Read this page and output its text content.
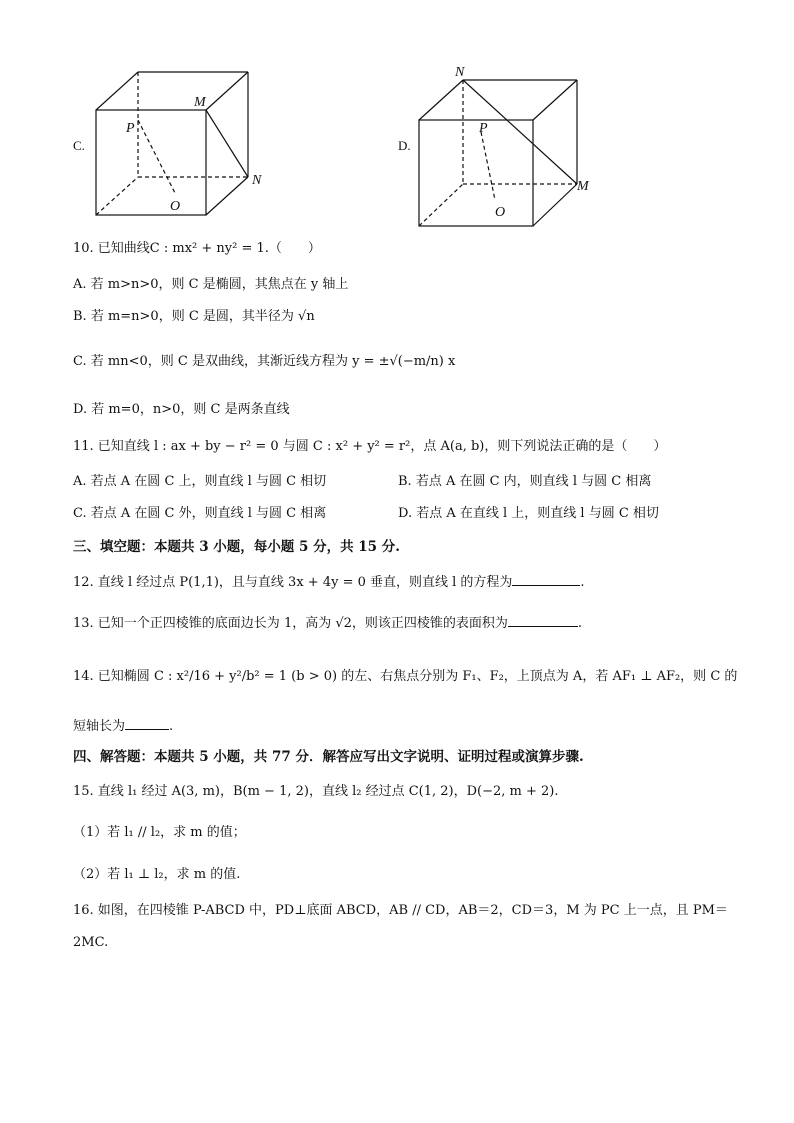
C.
M
P
N
O
D.
N
P
M
O
10. 已知曲线C : mx² + ny² = 1.（　　）
A. 若 m>n>0，则 C 是椭圆，其焦点在 y 轴上
B. 若 m=n>0，则 C 是圆，其半径为 √n
C. 若 mn<0，则 C 是双曲线，其渐近线方程为 y = ±√(−m/n) x
D. 若 m=0，n>0，则 C 是两条直线
11. 已知直线 l : ax + by − r² = 0 与圆 C : x² + y² = r²，点 A(a, b)，则下列说法正确的是（　　）
A. 若点 A 在圆 C 上，则直线 l 与圆 C 相切	B. 若点 A 在圆 C 内，则直线 l 与圆 C 相离
C. 若点 A 在圆 C 外，则直线 l 与圆 C 相离	D. 若点 A 在直线 l 上，则直线 l 与圆 C 相切
三、填空题：本题共 3 小题，每小题 5 分，共 15 分.
12. 直线 l 经过点 P(1,1)，且与直线 3x + 4y = 0 垂直，则直线 l 的方程为	.
13. 已知一个正四棱锥的底面边长为 1，高为 √2，则该正四棱锥的表面积为	.
14. 已知椭圆 C : x²/16 + y²/b² = 1 (b > 0) 的左、右焦点分别为 F₁、F₂，上顶点为 A，若 AF₁ ⊥ AF₂，则 C 的
短轴长为	.
四、解答题：本题共 5 小题，共 77 分．解答应写出文字说明、证明过程或演算步骤.
15. 直线 l₁ 经过 A(3, m)，B(m − 1, 2)，直线 l₂ 经过点 C(1, 2)，D(−2, m + 2).
（1）若 l₁ // l₂，求 m 的值；
（2）若 l₁ ⊥ l₂，求 m 的值.
16. 如图，在四棱锥 P-ABCD 中，PD⊥底面 ABCD，AB // CD，AB＝2，CD＝3，M 为 PC 上一点，且 PM＝
2MC.
